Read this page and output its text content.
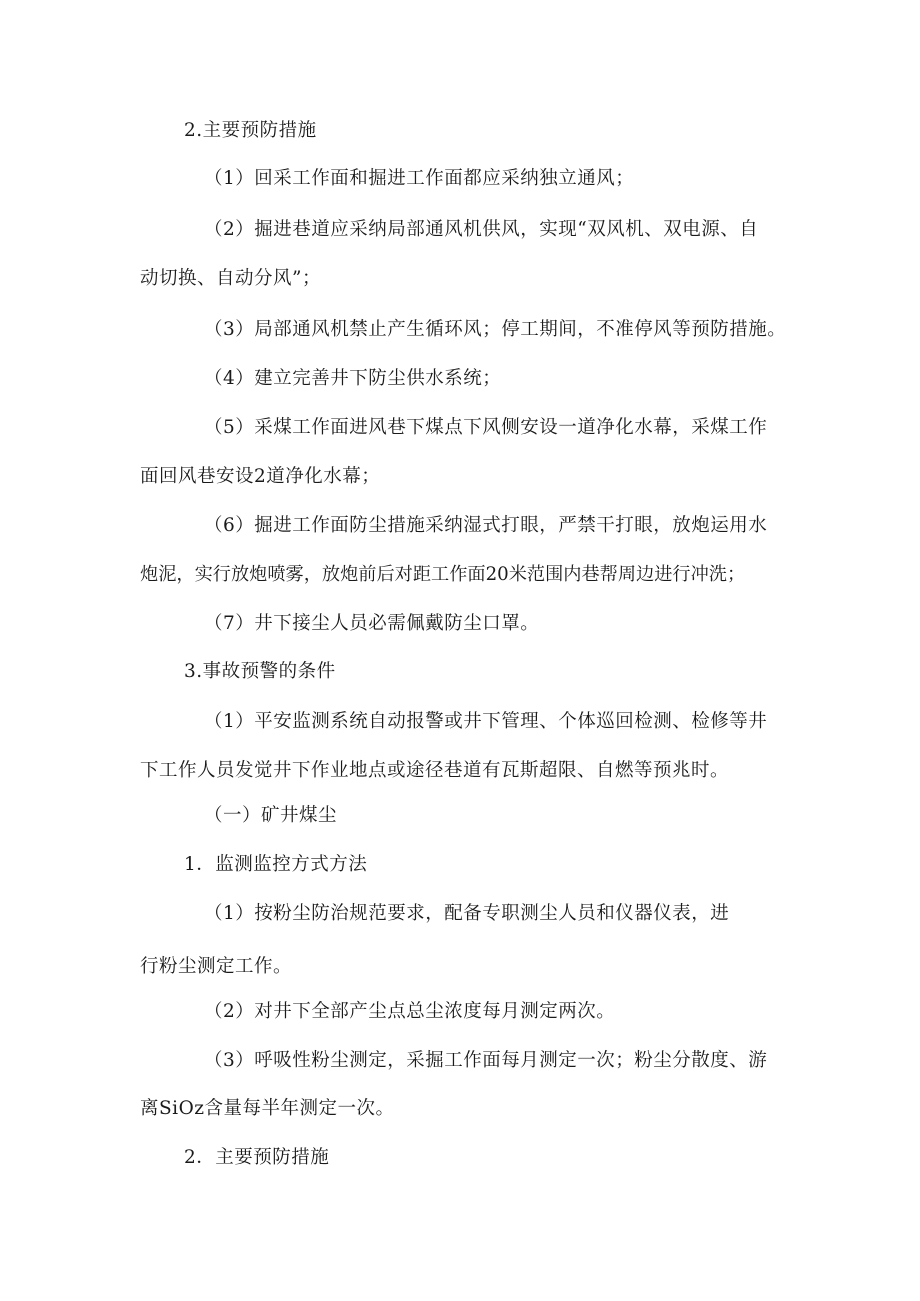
2.主要预防措施
（1）回采工作面和掘进工作面都应采纳独立通风；
（2）掘进巷道应采纳局部通风机供风，实现“双风机、双电源、自
动切换、自动分风”；
（3）局部通风机禁止产生循环风；停工期间，不准停风等预防措施。
（4）建立完善井下防尘供水系统；
（5）采煤工作面进风巷下煤点下风侧安设一道净化水幕，采煤工作
面回风巷安设2道净化水幕；
（6）掘进工作面防尘措施采纳湿式打眼，严禁干打眼，放炮运用水
炮泥，实行放炮喷雾，放炮前后对距工作面20米范围内巷帮周边进行冲洗；
（7）井下接尘人员必需佩戴防尘口罩。
3.事故预警的条件
（1）平安监测系统自动报警或井下管理、个体巡回检测、检修等井
下工作人员发觉井下作业地点或途径巷道有瓦斯超限、自燃等预兆时。
（一）矿井煤尘
1．监测监控方式方法
（1）按粉尘防治规范要求，配备专职测尘人员和仪器仪表，进
行粉尘测定工作。
（2）对井下全部产尘点总尘浓度每月测定两次。
（3）呼吸性粉尘测定，采掘工作面每月测定一次；粉尘分散度、游
离SiOz含量每半年测定一次。
2．主要预防措施
